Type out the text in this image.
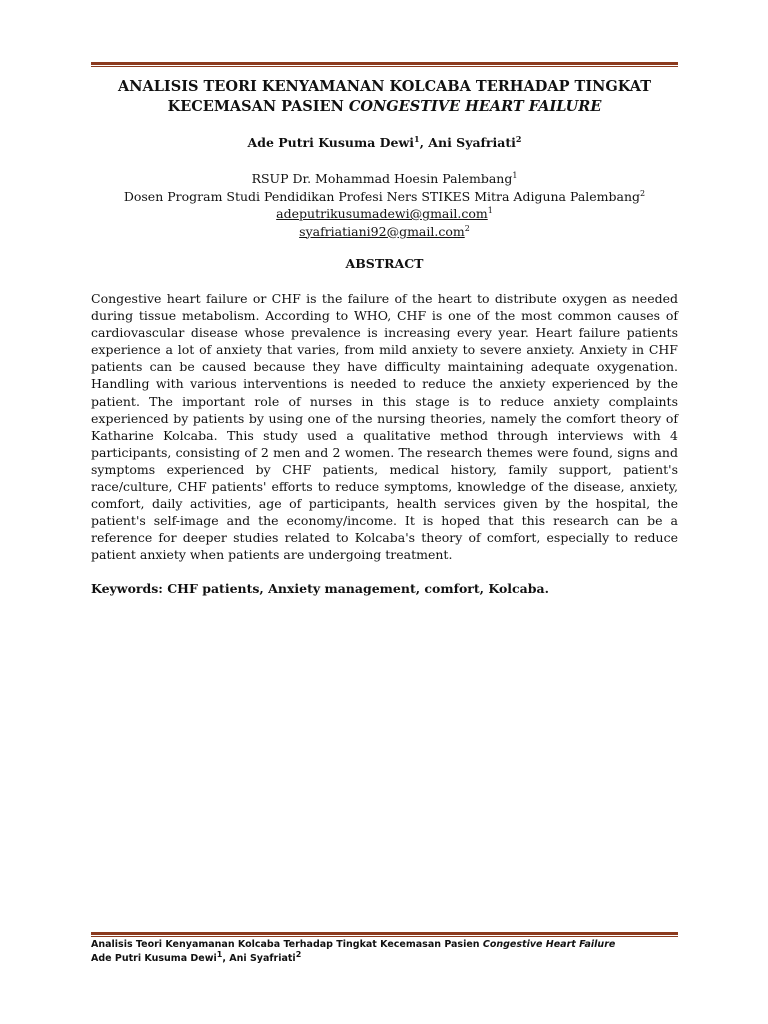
ANALISIS TEORI KENYAMANAN KOLCABA TERHADAP TINGKAT
KECEMASAN PASIEN CONGESTIVE HEART FAILURE

Ade Putri Kusuma Dewi$^1$, Ani Syafriati$^2$

RSUP Dr. Mohammad Hoesin Palembang$^1$
Dosen Program Studi Pendidikan Profesi Ners STIKES Mitra Adiguna Palembang$^2$
adeputrikusumadewi@gmail.com$^1$
syafriatiani92@gmail.com$^2$
ABSTRACT

Congestive heart failure or CHF is the failure of the heart to distribute oxygen as needed during tissue metabolism. According to WHO, CHF is one of the most common causes of cardiovascular disease whose prevalence is increasing every year. Heart failure patients experience a lot of anxiety that varies, from mild anxiety to severe anxiety. Anxiety in CHF patients can be caused because they have difficulty maintaining adequate oxygenation. Handling with various interventions is needed to reduce the anxiety experienced by the patient. The important role of nurses in this stage is to reduce anxiety complaints experienced by patients by using one of the nursing theories, namely the comfort theory of Katharine Kolcaba. This study used a qualitative method through interviews with 4 participants, consisting of 2 men and 2 women. The research themes were found, signs and symptoms experienced by CHF patients, medical history, family support, patient's race/culture, CHF patients' efforts to reduce symptoms, knowledge of the disease, anxiety, comfort, daily activities, age of participants, health services given by the hospital, the patient's self-image and the economy/income. It is hoped that this research can be a reference for deeper studies related to Kolcaba's theory of comfort, especially to reduce patient anxiety when patients are undergoing treatment.

Keywords: CHF patients, Anxiety management, comfort, Kolcaba.

Analisis Teori Kenyamanan Kolcaba Terhadap Tingkat Kecemasan Pasien Congestive Heart Failure
Ade Putri Kusuma Dewi$^1$, Ani Syafriati$^2$
